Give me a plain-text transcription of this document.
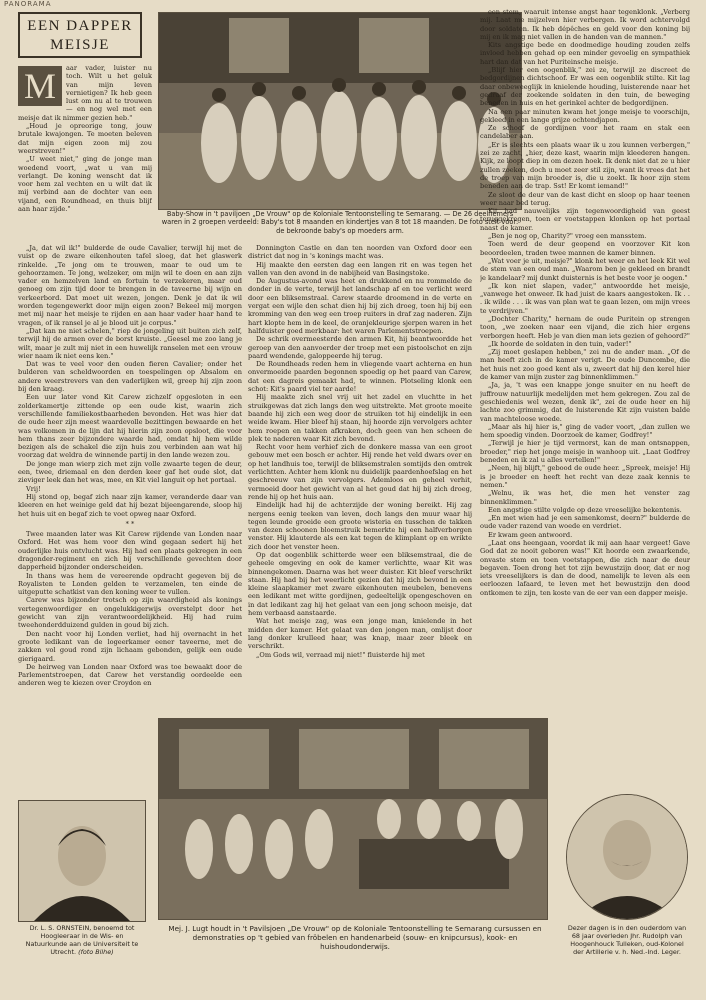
PANORAMA
EEN DAPPER
MEISJE
Baby-Show in 't paviljoen „De Vrouw" op de Koloniale Tentoonstelling te Semarang. — De 26 deelnemers waren in 2 groepen verdeeld: Baby's tot 8 maanden en kindertjes van 8 tot 18 maanden. De foto stelt voor: de bekroonde baby's op moeders arm.
M	aar vader, luister nu toch. Wilt u het geluk van mijn leven vernietigen? Ik heb geen lust om nu al te trouwen — en nog wel met een meisje dat ik nimmer gezien heb."

„Houd je opreorige tong, jouw brutale kwajongen. Te moeten beleven dat mijn eigen zoon mij zou weerstreven!"

„U weet niet," ging de jonge man woedend voort, „wat u van mij verlangt. De koning wenscht dat ik voor hem zal vechten en u wilt dat ik mij verbind aan de dochter van een vijand, een Roundhead, en thuis blijf aan haar zijde."

„Ja, dat wil ik!" bulderde de oude Cavalier, terwijl hij met de vuist op de zware eikenhouten tafel sloeg, dat het glaswerk rinkelde. „Te jong om te trouwen, maar te oud um te gehoorzamen. Te jong, welzeker, om mijn wil te doen en aan zijn vader en hemzelven land en fortuin te verzekeren, maar oud genoeg om zijn tijd door te brengen in de taveerne bij wijn en verkeerbord. Dat moet uit wezen, jongen. Denk je dat ik wil worden tegengewerkt door mijn eigen zoon? Bekeel mij morgen met mij naar het meisje te rijden en aan haar vader haar hand te vragen, of ik ransel je al je blood uit je corpus."

„Dat kan ne niet schelen," riep de jongeling uit buiten zich zelf, terwijl hij de armen over de borst kruiste. „Geesel me zoo lang je wilt, maar je zult mij niet in een huwelijk ranselen met een vrouw wier naam ik niet eens ken."

Dat was te veel voor den ouden fieren Cavalier; onder het bulderen van scheldwoorden en toespelingen op Absalom en andere weerstrevers van den vaderlijken wil, greep hij zijn zoon bij den kraag.

Een uur later vond Kit Carew zichzelf opgesloten in een zolderkamertje zittende op een oude kist, waarin zich verschillende familiekostbaarheden bevonden. Het was hier dat de oude heer zijn meest waardevolle bezittingen bewaarde en het was volkomen in de lijn dat hij hierin zijn zoon opsloot, die voor hem thans zeer bijzondere waarde had, omdat hij hem wilde bezigen als de schakel die zijn huis zou verbinden aan wat hij voorzag dat weldra de winnende partij in den lande wezen zou.

De jonge man wierp zich met zijn volle zwaarte tegen de deur, een, twee, driemaal en den derden keer gaf het oude slot, dat zieviger leek dan het was, mee, en Kit viel languit op het portaal.

Vrij!

Hij stond op, begaf zich naar zijn kamer, veranderde daar van kleeren en het weinige geld dat hij bezat bijeengarende, sloop hij het huis uit en begaf zich te voet opweg naar Oxford.

* *

Twee maanden later was Kit Carew rijdende van Londen naar Oxford. Het was hem voor den wind gegaan sedert hij het ouderlijke huis ontvlucht was. Hij had een plaats gekregen in een dragonder-regiment en zich bij verschillende gevechten door dapperheid bijzonder onderscheiden.

In thans was hem de vereerende opdracht gegeven bij de Royalisten te Londen gelden te verzamelen, ten einde de uitgeputte schatkist van den koning weer te vullen.

Carew was bijzonder trotsch op zijn waardigheid als konings vertegenwoordiger en ongelukkigerwijs overstelpt door het gewicht van zijn verantwoordelijkheid. Hij had ruim tweehonderdduizend gulden in goud bij zich.

Den nacht voor hij Londen verliet, had hij overnacht in het groote ledikant van de logeerkamer eener taveerne, met de zakken vol goud rond zijn lichaam gebonden, gelijk een oude gierigaard.

De heirweg van Londen naar Oxford was toe bewaakt door de Parlementstroepen, dat Carew het verstandig oordeelde een anderen weg te kiezen over Croydon en

Donnington Castle en dan ten noorden van Oxford door een district dat nog in 's konings macht was.

Hij maakte den eersten dag een langen rit en was tegen het vallen van den avond in de nabijheid van Basingstoke.

De Augustus-avond was heet en drukkend en nu rommelde de donder in de verte, terwijl het landschap af en toe verlicht werd door een bliksemstraal. Carew staarde droomend in de verte en vergat een wijle den schat dien hij bij zich droeg, toen hij bij een kromming van den weg een troep ruiters in draf zag naderen. Zijn hart klopte hem in de keel, de oranjekleurige sjerpen waren in het halfduister goed merkbaar: het waren Parlementstroepen.

De schrik overmeesterde den armen Kit, hij beantwoordde het geroep van den aanvoerder der troep met een pistoolschot en zijn paard wendende, galoppeerde hij terug.

De Roundheads reden hem in vliegende vaart achterna en hun onvermoeide paarden begonnen spoedig op het paard van Carew, dat een dagreis gemaakt had, te winnen. Plotseling klonk een schot: Kit's paard viel ter aarde!

Hij maakte zich snel vrij uit het zadel en vluchtte in het struikgewas dat zich langs den weg uitstrekte. Met groote moeite baande hij zich een weg door de struiken tot hij eindelijk in een weide kwam. Hier bleef hij staan, hij hoorde zijn vervolgers achter hem roepen en takken afkraken, doch geen van hen scheen de plek te naderen waar Kit zich bevond.

Recht voor hem verhief zich de donkere massa van een groot gebouw met een bosch er achter. Hij rende het veld dwars over en op het landhuis toe, terwijl de bliksemstralen somtijds den omtrek verlichtten. Achter hem klonk nu duidelijk paardenhoefslag en het geschreeuw van zijn vervolgers. Ademloos en geheel verhit, vermoeid door het gewicht van al het goud dat hij bij zich droeg, rende hij op het huis aan.

Eindelijk had hij de achterzijde der woning bereikt. Hij zag nergens eenig teeken van leven, doch langs den muur waar hij tegen leunde groeide een groote wisteria en tusschen de takken van dezen schoonen bloemstruik bemerkte hij een halfverborgen venster. Hij klauterde als een kat tegen de klimplant op en wrikte zich door het venster heen.

Op dat oogenblik schitterde weer een bliksemstraal, die de geheele omgeving en ook de kamer verlichtte, waar Kit was binnengekomen. Daarna was het weer duister. Kit bleef verschrikt staan. Hij had bij het weerlicht gezien dat hij zich bevond in een kleine slaapkamer met zware eikenhouten meubelen, benevens een ledikant met witte gordijnen, gedeeltelijk opengeschoven en in dat ledikant zag hij het gelaat van een jong schoon meisje, dat hem verbaasd aanstaarde.

Wat het meisje zag, was een jonge man, knielende in het midden der kamer. Het gelaat van den jongen man, omlijst door lang donker krulleed haar, was knap, maar zeer bleek en verschrikt.

„Om Gods wil, verraad mij niet!" fluisterde hij met

een stem, waaruit intense angst haar tegenklonk. „Verberg mij. Laat me mijzelven hier verbergen. Ik word achtervolgd door soldaten. Ik heb dépêches en geld voor den koning bij mij en ik mag niet vallen in de handen van de mannen."

Kits angstige bede en doodmedige houding zouden zelfs invloed hebben gehad op een minder gevoelig en sympathiek hart dan dat van het Puriteinsche meisje.

„Blijf hier een oogenblik," zei ze, terwijl ze discreet de bedgordijnen dichtschoof. Er was een oogenblik stilte. Kit lag daar onbeweeglijk in knielende houding, luisterende naar het gedraaf der zoekende soldaten in den tuin, de beweging beneden in huis en het gerinkel achter de bedgordijnen.

Na een paar minuten kwam het jonge meisje te voorschijn, gekleed in een lange grijze ochtendjapon.

Ze schoof de gordijnen voor het raam en stak een candelaber aan.

„Er is slechts een plaats waar ik u zou kunnen verbergen," zei ze zacht, „hier, deze kast, waarin mijn kleederen hangen. Kijk, ze loopt diep in om dezen hoek. Ik denk niet dat ze u hier zullen zoeken, doch u moet zeer stil zijn, want ik vrees dat het de troep van mijn broeder is, die u zoekt. Ik hoor zijn stem beneden aan de trap. Sst! Er komt iemand!"

Ze sloot de deur van de kast dicht en sloop op haar teenen weer naar bed terug.

Kit had nauwelijks zijn tegenwoordigheid van geest teruggekregen, toen er voetstappen klonken op het portaal naast de kamer.

„Ben je nog op, Charity?" vroeg een mansstem.

Toen werd de deur geopend en voorzover Kit kon beoordeelen, traden twee mannen de kamer binnen.

„Wat voer je uit, meisje?" klonk het weer en het leek Kit wel de stem van een oud man. „Waarom ben je gekleed en brandt je kandelaar? mij dunkt duisternis is het beste voor je oogen."

„Ik kon niet slapen, vader," antwoordde het meisje, „vanwege het onweer. Ik had juist de kaars aangestoken. Ik . . . ik wilde . . . ik was van plan wat te gaan lezen, om mijn vrees te verdrijven."

„Dochter Charity," hernam de oude Puritein op strengen toon, „we zoeken naar een vijand, die zich hier ergens verborgen heeft. Heb je van dien man iets gezien of gehoord?"

„Ik hoorde de soldaten in den tuin, vader!"

„Zij moet geslapen hebben," zei nu de ander man. „Of de man heeft zich in de kamer verigt. De oude Duncombe, die het huis net zoo goed kent als u, zweert dat hij den kerel hier de kamer van mijn zuster zag binnenklimmen."

„Ja, ja, 't was een knappe jonge snuiter en nu heeft de juffrouw natuurlijk medelijden met hem gekregen. Zou zal de geschiedenis wel wezen, denk ik", zei de oude heer en hij lachte zoo grimmig, dat de luisterende Kit zijn vuisten balde van machteloose woede.

„Maar als hij hier is," ging de vader voort, „dan zullen we hem spoedig vinden. Doorzoek de kamer, Godfrey!"

„Terwijl je hier je tijd vermorst, kan de man ontsnappen, broeder," riep het jonge meisje in wanhoop uit. „Laat Godfrey beneden en ik zal u alles vertellen!"

„Neen, hij blijft," gebood de oude heer. „Spreek, meisje! Hij is je broeder en heeft het recht van deze zaak kennis te nemen."

„Welnu, ik was het, die men het venster zag binnenklimmen."

Een angstige stilte volgde op deze vreeselijke bekentenis.

„En met wien had je een samenkomst, deern?" bulderde de oude vader razend van woede en verdriet.

Er kwam geen antwoord.

„Laat ons heengaan, voordat ik mij aan haar vergeet! Gave God dat ze nooit geboren was!" Kit hoorde een zwaarkende, onvaste stem en toen voetstappen, die zich naar de deur begaven. Toen drong het tot zijn bewustzijn door, dat er nog iets vreeselijkers is dan de dood, namelijk te leven als een eerloozen lafaard, te leven met het bewustzijn den dood ontkomen te zijn, ten koste van de eer van een dapper meisje.

Mej. J. Lugt houdt in 't Pavilsjoen „De Vrouw" op de Koloniale Tentoonstelling te Semarang cursussen en demonstraties op 't gebied van fröbelen en handenarbeid (souw- en knipcursus), kook- en huishoudonderwijs.
Dr. L. S. ORNSTEIN, benoemd tot Hoogleeraar in de Wis- en Natuurkunde aan de Universiteit te Utrecht. (foto Bilhe)
Dezer dagen is in den ouderdom van 68 jaar overleden Jhr. Rudolph van Hoogenhouck Tulleken, oud-Kolonel der Artillerie v. h. Ned.-Ind. Leger.
